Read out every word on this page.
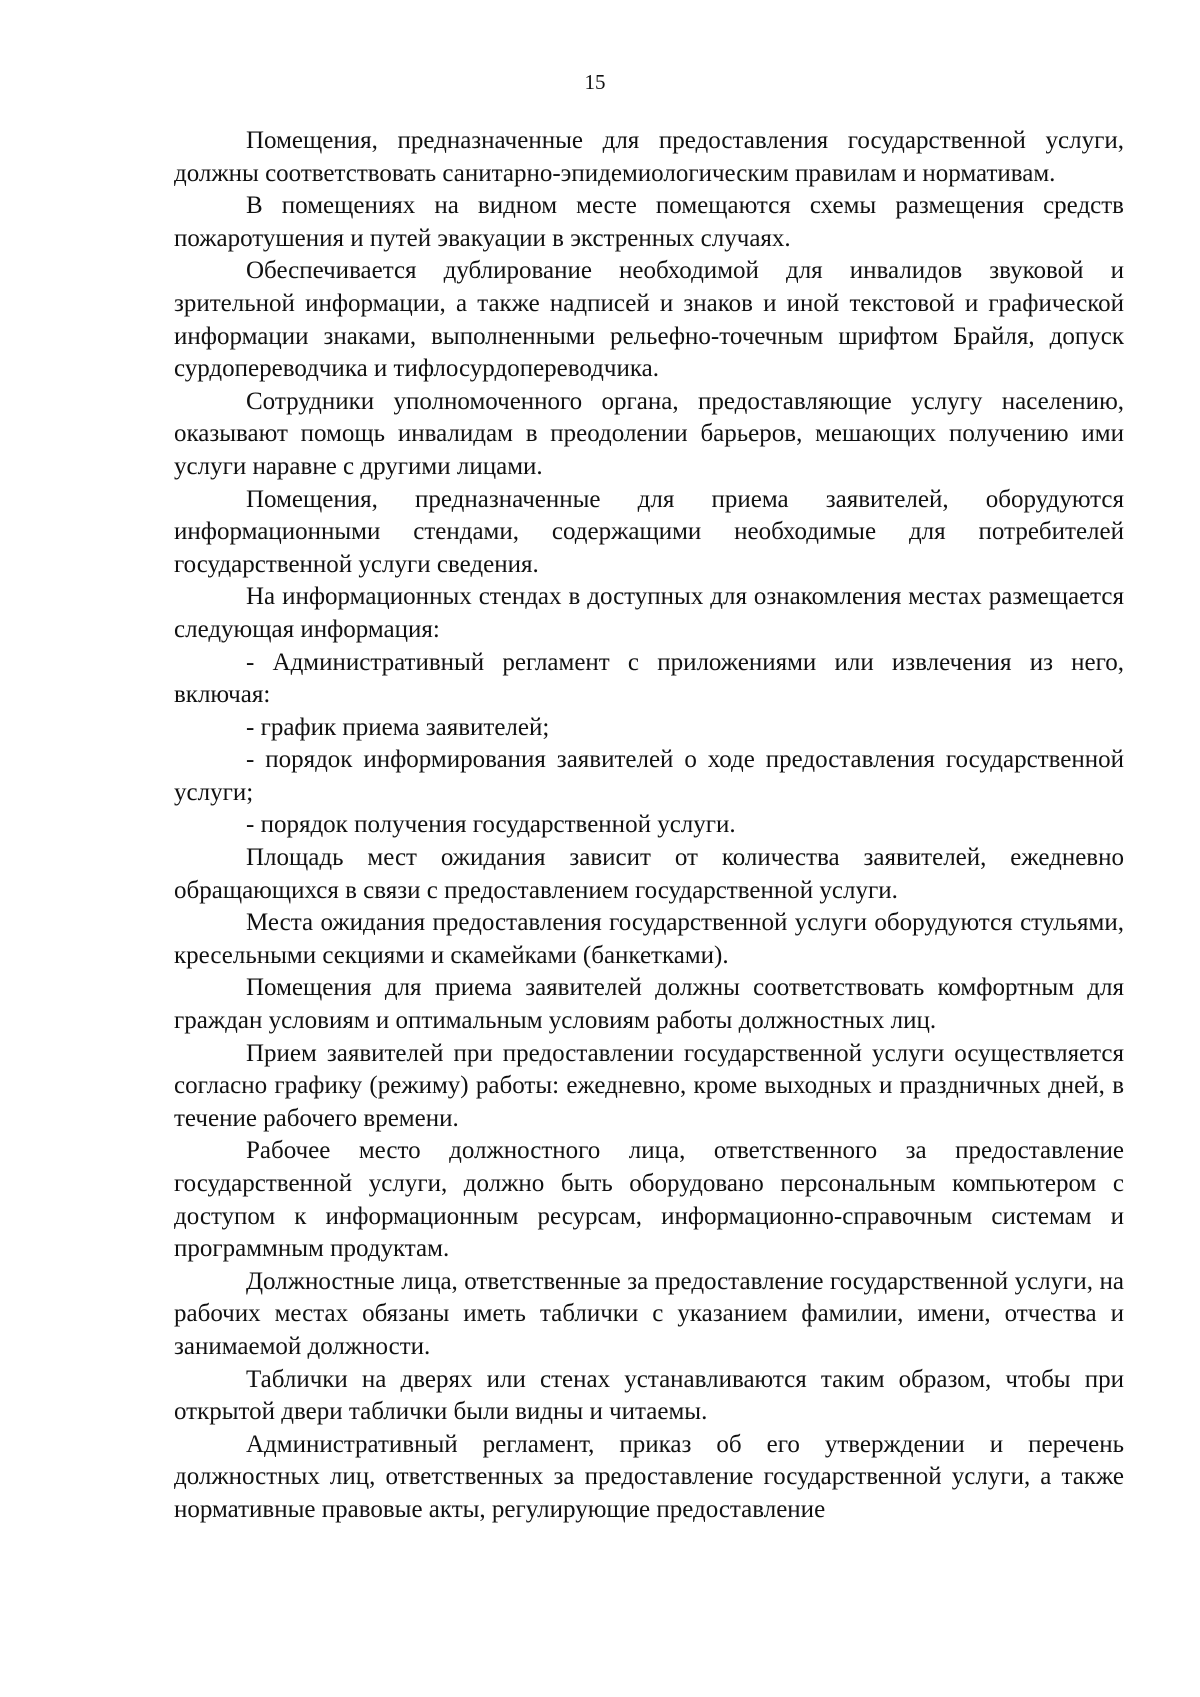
15

Помещения, предназначенные для предоставления государственной услуги, должны соответствовать санитарно-эпидемиологическим правилам и нормативам.

В помещениях на видном месте помещаются схемы размещения средств пожаротушения и путей эвакуации в экстренных случаях.

Обеспечивается дублирование необходимой для инвалидов звуковой и зрительной информации, а также надписей и знаков и иной текстовой и графической информации знаками, выполненными рельефно-точечным шрифтом Брайля, допуск сурдопереводчика и тифлосурдопереводчика.

Сотрудники уполномоченного органа, предоставляющие услугу населению, оказывают помощь инвалидам в преодолении барьеров, мешающих получению ими услуги наравне с другими лицами.

Помещения, предназначенные для приема заявителей, оборудуются информационными стендами, содержащими необходимые для потребителей государственной услуги сведения.

На информационных стендах в доступных для ознакомления местах размещается следующая информация:

- Административный регламент с приложениями или извлечения из него, включая:

- график приема заявителей;

- порядок информирования заявителей о ходе предоставления государственной услуги;

- порядок получения государственной услуги.

Площадь мест ожидания зависит от количества заявителей, ежедневно обращающихся в связи с предоставлением государственной услуги.

Места ожидания предоставления государственной услуги оборудуются стульями, кресельными секциями и скамейками (банкетками).

Помещения для приема заявителей должны соответствовать комфортным для граждан условиям и оптимальным условиям работы должностных лиц.

Прием заявителей при предоставлении государственной услуги осуществляется согласно графику (режиму) работы: ежедневно, кроме выходных и праздничных дней, в течение рабочего времени.

Рабочее место должностного лица, ответственного за предоставление государственной услуги, должно быть оборудовано персональным компьютером с доступом к информационным ресурсам, информационно-справочным системам и программным продуктам.

Должностные лица, ответственные за предоставление государственной услуги, на рабочих местах обязаны иметь таблички с указанием фамилии, имени, отчества и занимаемой должности.

Таблички на дверях или стенах устанавливаются таким образом, чтобы при открытой двери таблички были видны и читаемы.

Административный регламент, приказ об его утверждении и перечень должностных лиц, ответственных за предоставление государственной услуги, а также нормативные правовые акты, регулирующие предоставление
